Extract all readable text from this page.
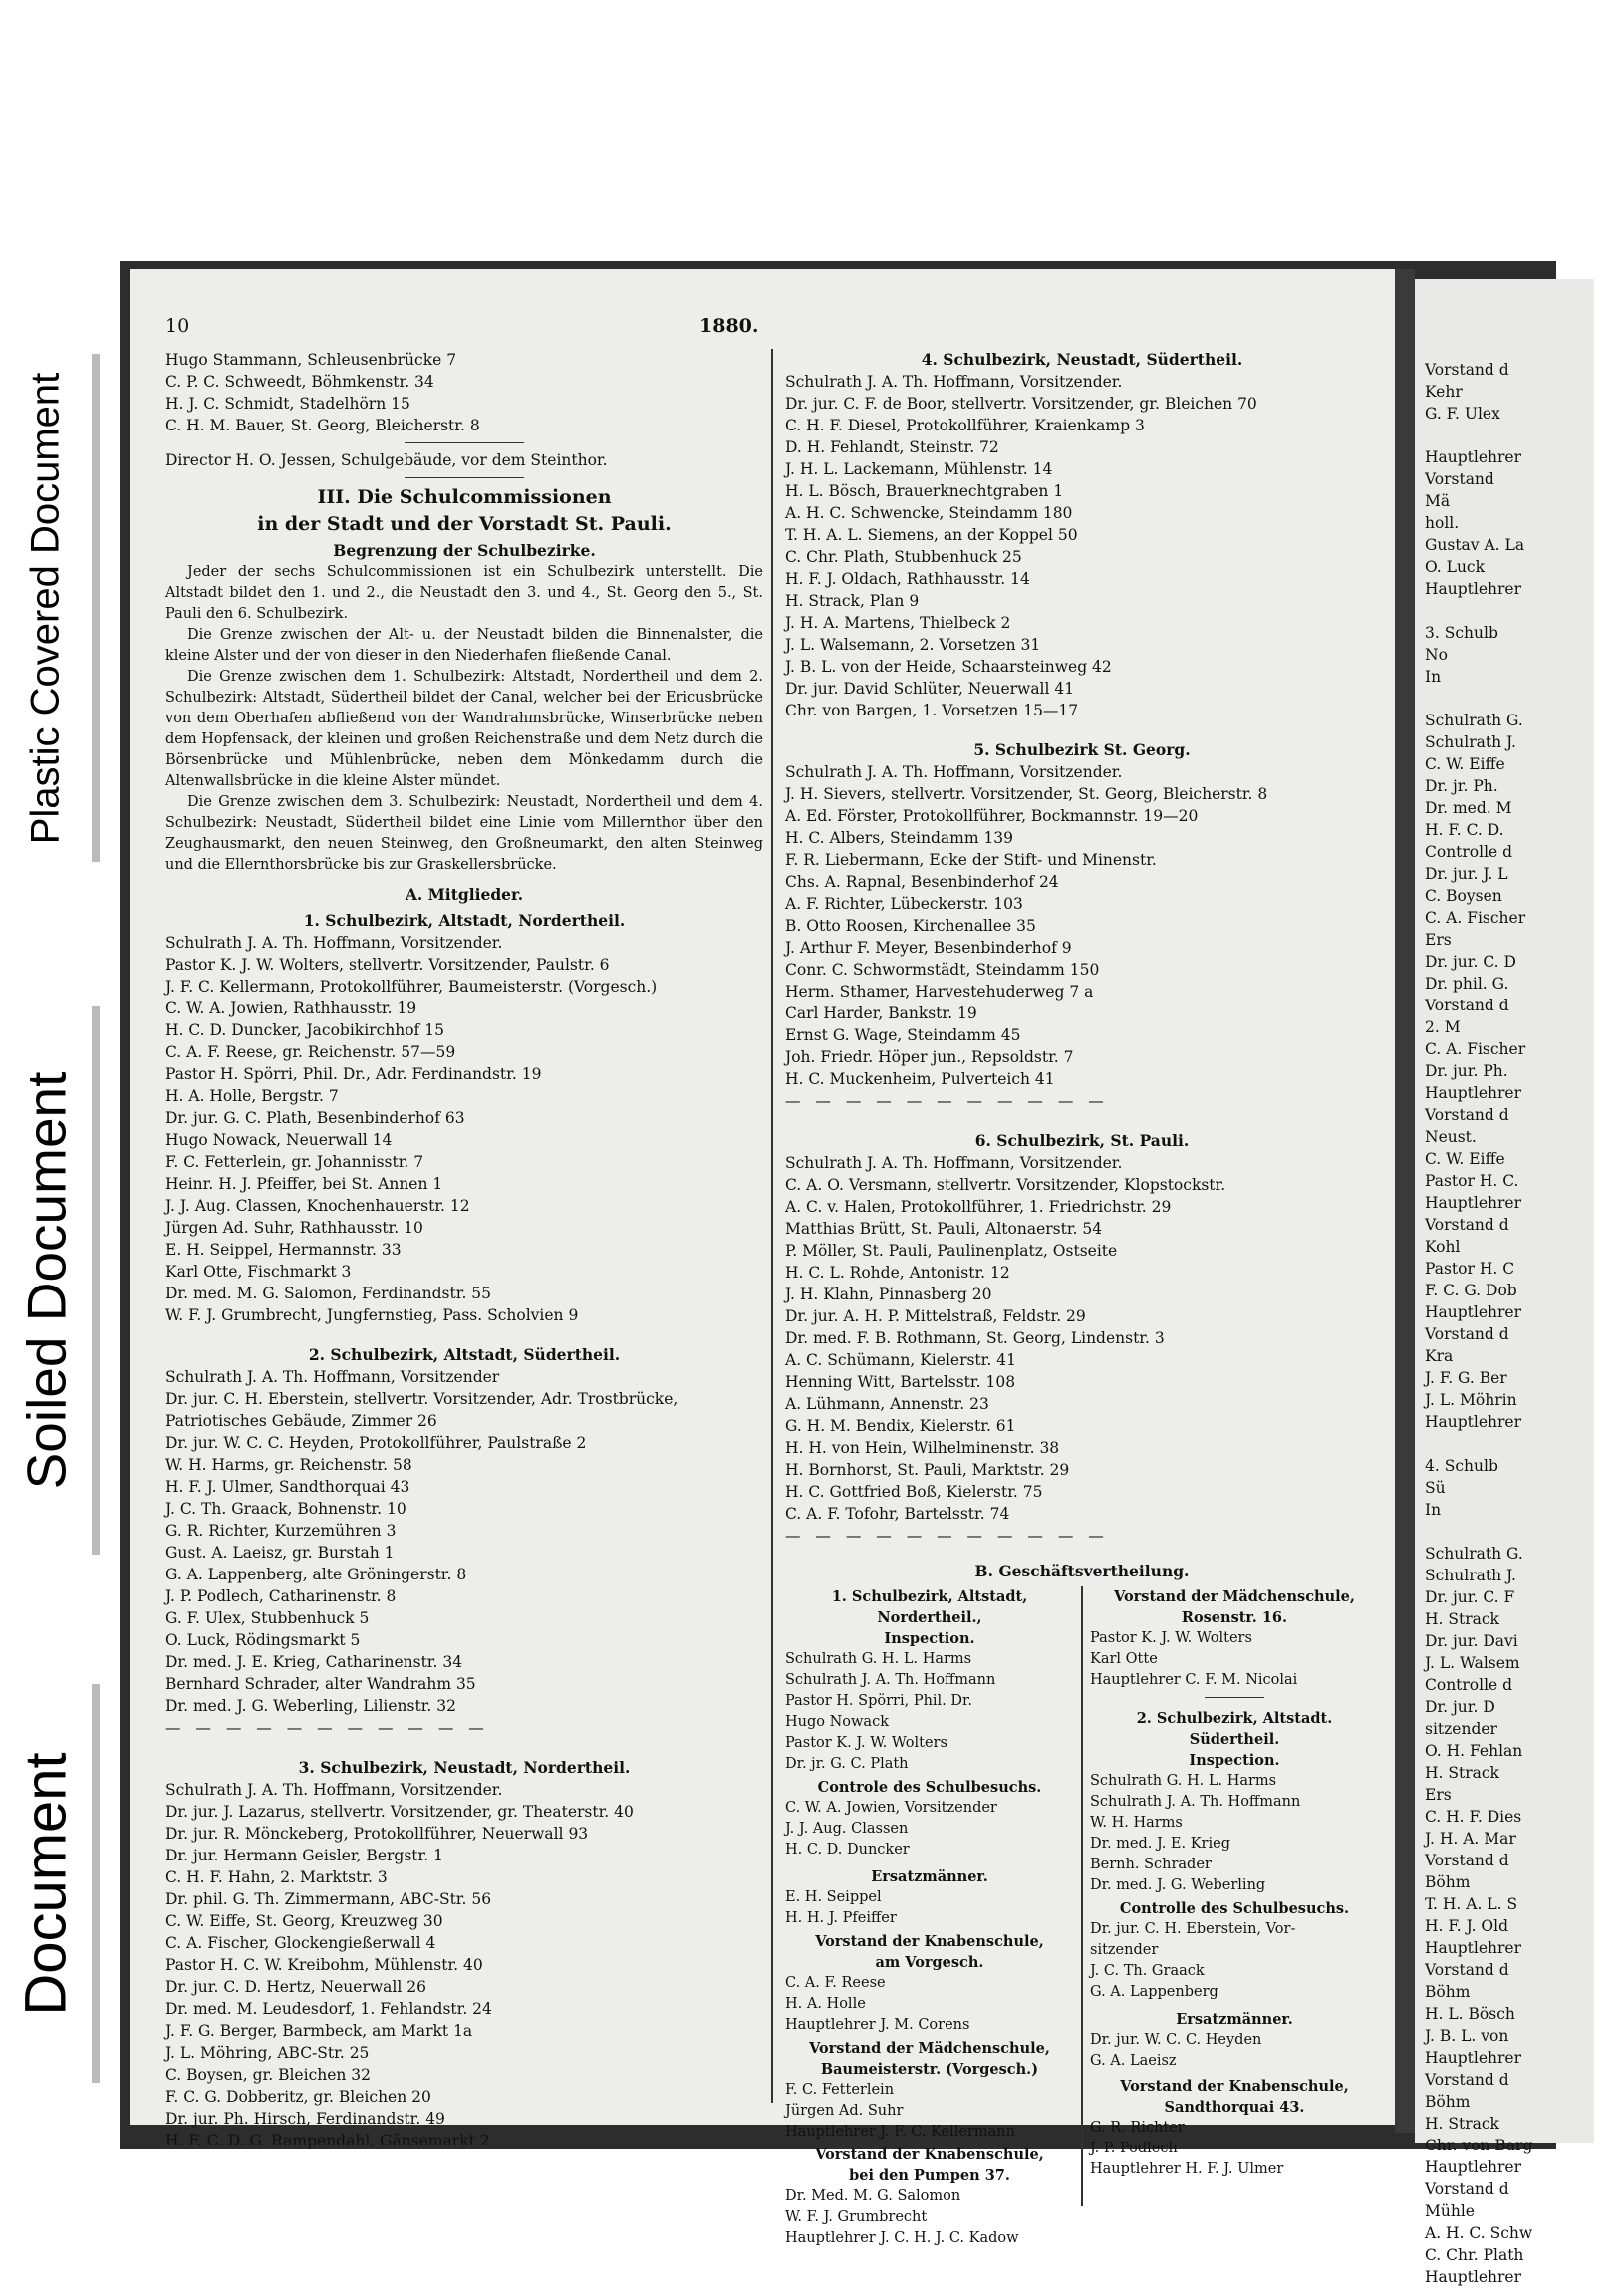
Plastic Covered Document
Soiled Document
Document
10	1880.
Hugo Stammann, Schleusenbrücke 7
C. P. C. Schweedt, Böhmkenstr. 34
H. J. C. Schmidt, Stadelhörn 15
C. H. M. Bauer, St. Georg, Bleicherstr. 8
Director H. O. Jessen, Schulgebäude, vor dem Steinthor.
III. Die Schulcommissionen
in der Stadt und der Vorstadt St. Pauli.
Begrenzung der Schulbezirke.
Jeder der sechs Schulcommissionen ist ein Schulbezirk unterstellt. Die Altstadt bildet den 1. und 2., die Neustadt den 3. und 4., St. Georg den 5., St. Pauli den 6. Schulbezirk.
Die Grenze zwischen der Alt- u. der Neustadt bilden die Binnenalster, die kleine Alster und der von dieser in den Niederhafen fließende Canal.
Die Grenze zwischen dem 1. Schulbezirk: Altstadt, Nordertheil und dem 2. Schulbezirk: Altstadt, Südertheil bildet der Canal, welcher bei der Ericusbrücke von dem Oberhafen abfließend von der Wandrahmsbrücke, Winserbrücke neben dem Hopfensack, der kleinen und großen Reichenstraße und dem Netz durch die Börsenbrücke und Mühlenbrücke, neben dem Mönkedamm durch die Altenwallsbrücke in die kleine Alster mündet.
Die Grenze zwischen dem 3. Schulbezirk: Neustadt, Nordertheil und dem 4. Schulbezirk: Neustadt, Südertheil bildet eine Linie vom Millernthor über den Zeughausmarkt, den neuen Steinweg, den Großneumarkt, den alten Steinweg und die Ellernthorsbrücke bis zur Graskellersbrücke.
A. Mitglieder.
1. Schulbezirk, Altstadt, Nordertheil.
Schulrath J. A. Th. Hoffmann, Vorsitzender.
Pastor K. J. W. Wolters, stellvertr. Vorsitzender, Paulstr. 6
J. F. C. Kellermann, Protokollführer, Baumeisterstr. (Vorgesch.)
C. W. A. Jowien, Rathhausstr. 19
H. C. D. Duncker, Jacobikirchhof 15
C. A. F. Reese, gr. Reichenstr. 57—59
Pastor H. Spörri, Phil. Dr., Adr. Ferdinandstr. 19
H. A. Holle, Bergstr. 7
Dr. jur. G. C. Plath, Besenbinderhof 63
Hugo Nowack, Neuerwall 14
F. C. Fetterlein, gr. Johannisstr. 7
Heinr. H. J. Pfeiffer, bei St. Annen 1
J. J. Aug. Classen, Knochenhauerstr. 12
Jürgen Ad. Suhr, Rathhausstr. 10
E. H. Seippel, Hermannstr. 33
Karl Otte, Fischmarkt 3
Dr. med. M. G. Salomon, Ferdinandstr. 55
W. F. J. Grumbrecht, Jungfernstieg, Pass. Scholvien 9
2. Schulbezirk, Altstadt, Südertheil.
Schulrath J. A. Th. Hoffmann, Vorsitzender
Dr. jur. C. H. Eberstein, stellvertr. Vorsitzender, Adr. Trostbrücke,
Patriotisches Gebäude, Zimmer 26
Dr. jur. W. C. C. Heyden, Protokollführer, Paulstraße 2
W. H. Harms, gr. Reichenstr. 58
H. F. J. Ulmer, Sandthorquai 43
J. C. Th. Graack, Bohnenstr. 10
G. R. Richter, Kurzemühren 3
Gust. A. Laeisz, gr. Burstah 1
G. A. Lappenberg, alte Gröningerstr. 8
J. P. Podlech, Catharinenstr. 8
G. F. Ulex, Stubbenhuck 5
O. Luck, Rödingsmarkt 5
Dr. med. J. E. Krieg, Catharinenstr. 34
Bernhard Schrader, alter Wandrahm 35
Dr. med. J. G. Weberling, Lilienstr. 32
— — — — — — — — — — —
3. Schulbezirk, Neustadt, Nordertheil.
Schulrath J. A. Th. Hoffmann, Vorsitzender.
Dr. jur. J. Lazarus, stellvertr. Vorsitzender, gr. Theaterstr. 40
Dr. jur. R. Mönckeberg, Protokollführer, Neuerwall 93
Dr. jur. Hermann Geisler, Bergstr. 1
C. H. F. Hahn, 2. Marktstr. 3
Dr. phil. G. Th. Zimmermann, ABC-Str. 56
C. W. Eiffe, St. Georg, Kreuzweg 30
C. A. Fischer, Glockengießerwall 4
Pastor H. C. W. Kreibohm, Mühlenstr. 40
Dr. jur. C. D. Hertz, Neuerwall 26
Dr. med. M. Leudesdorf, 1. Fehlandstr. 24
J. F. G. Berger, Barmbeck, am Markt 1a
J. L. Möhring, ABC-Str. 25
C. Boysen, gr. Bleichen 32
F. C. G. Dobberitz, gr. Bleichen 20
Dr. jur. Ph. Hirsch, Ferdinandstr. 49
H. F. C. D. G. Rampendahl, Gänsemarkt 2
4. Schulbezirk, Neustadt, Südertheil.
Schulrath J. A. Th. Hoffmann, Vorsitzender.
Dr. jur. C. F. de Boor, stellvertr. Vorsitzender, gr. Bleichen 70
C. H. F. Diesel, Protokollführer, Kraienkamp 3
D. H. Fehlandt, Steinstr. 72
J. H. L. Lackemann, Mühlenstr. 14
H. L. Bösch, Brauerknechtgraben 1
A. H. C. Schwencke, Steindamm 180
T. H. A. L. Siemens, an der Koppel 50
C. Chr. Plath, Stubbenhuck 25
H. F. J. Oldach, Rathhausstr. 14
H. Strack, Plan 9
J. H. A. Martens, Thielbeck 2
J. L. Walsemann, 2. Vorsetzen 31
J. B. L. von der Heide, Schaarsteinweg 42
Dr. jur. David Schlüter, Neuerwall 41
Chr. von Bargen, 1. Vorsetzen 15—17
5. Schulbezirk St. Georg.
Schulrath J. A. Th. Hoffmann, Vorsitzender.
J. H. Sievers, stellvertr. Vorsitzender, St. Georg, Bleicherstr. 8
A. Ed. Förster, Protokollführer, Bockmannstr. 19—20
H. C. Albers, Steindamm 139
F. R. Liebermann, Ecke der Stift- und Minenstr.
Chs. A. Rapnal, Besenbinderhof 24
A. F. Richter, Lübeckerstr. 103
B. Otto Roosen, Kirchenallee 35
J. Arthur F. Meyer, Besenbinderhof 9
Conr. C. Schwormstädt, Steindamm 150
Herm. Sthamer, Harvestehuderweg 7 a
Carl Harder, Bankstr. 19
Ernst G. Wage, Steindamm 45
Joh. Friedr. Höper jun., Repsoldstr. 7
H. C. Muckenheim, Pulverteich 41
— — — — — — — — — — —
6. Schulbezirk, St. Pauli.
Schulrath J. A. Th. Hoffmann, Vorsitzender.
C. A. O. Versmann, stellvertr. Vorsitzender, Klopstockstr.
A. C. v. Halen, Protokollführer, 1. Friedrichstr. 29
Matthias Brütt, St. Pauli, Altonaerstr. 54
P. Möller, St. Pauli, Paulinenplatz, Ostseite
H. C. L. Rohde, Antonistr. 12
J. H. Klahn, Pinnasberg 20
Dr. jur. A. H. P. Mittelstraß, Feldstr. 29
Dr. med. F. B. Rothmann, St. Georg, Lindenstr. 3
A. C. Schümann, Kielerstr. 41
Henning Witt, Bartelsstr. 108
A. Lühmann, Annenstr. 23
G. H. M. Bendix, Kielerstr. 61
H. H. von Hein, Wilhelminenstr. 38
H. Bornhorst, St. Pauli, Marktstr. 29
H. C. Gottfried Boß, Kielerstr. 75
C. A. F. Tofohr, Bartelsstr. 74
— — — — — — — — — — —
B. Geschäftsvertheilung.
1. Schulbezirk, Altstadt,
Nordertheil.,
Inspection.
Schulrath G. H. L. Harms
Schulrath J. A. Th. Hoffmann
Pastor H. Spörri, Phil. Dr.
Hugo Nowack
Pastor K. J. W. Wolters
Dr. jr. G. C. Plath
Controle des Schulbesuchs.
C. W. A. Jowien, Vorsitzender
J. J. Aug. Classen
H. C. D. Duncker
Ersatzmänner.
E. H. Seippel
H. H. J. Pfeiffer
Vorstand der Knabenschule,
am Vorgesch.
C. A. F. Reese
H. A. Holle
Hauptlehrer J. M. Corens
Vorstand der Mädchenschule,
Baumeisterstr. (Vorgesch.)
F. C. Fetterlein
Jürgen Ad. Suhr
Hauptlehrer J. F. C. Kellermann
Vorstand der Knabenschule,
bei den Pumpen 37.
Dr. Med. M. G. Salomon
W. F. J. Grumbrecht
Hauptlehrer J. C. H. J. C. Kadow
Vorstand der Mädchenschule,
Rosenstr. 16.
Pastor K. J. W. Wolters
Karl Otte
Hauptlehrer C. F. M. Nicolai
2. Schulbezirk, Altstadt.
Südertheil.
Inspection.
Schulrath G. H. L. Harms
Schulrath J. A. Th. Hoffmann
W. H. Harms
Dr. med. J. E. Krieg
Bernh. Schrader
Dr. med. J. G. Weberling
Controlle des Schulbesuchs.
Dr. jur. C. H. Eberstein, Vor-
sitzender
J. C. Th. Graack
G. A. Lappenberg
Ersatzmänner.
Dr. jur. W. C. C. Heyden
G. A. Laeisz
Vorstand der Knabenschule,
Sandthorquai 43.
G. R. Richter
J. P. Podlech
Hauptlehrer H. F. J. Ulmer
Vorstand d
Kehr
G. F. Ulex
Hauptlehrer
Vorstand
Mä
holl.
Gustav A. La
O. Luck
Hauptlehrer
3. Schulb
No
In
Schulrath G.
Schulrath J.
C. W. Eiffe
Dr. jr. Ph.
Dr. med. M
H. F. C. D.
Controlle d
Dr. jur. J. L
C. Boysen
C. A. Fischer
Ers
Dr. jur. C. D
Dr. phil. G.
Vorstand d
2. M
C. A. Fischer
Dr. jur. Ph.
Hauptlehrer
Vorstand d
Neust.
C. W. Eiffe
Pastor H. C.
Hauptlehrer
Vorstand d
Kohl
Pastor H. C
F. C. G. Dob
Hauptlehrer
Vorstand d
Kra
J. F. G. Ber
J. L. Möhrin
Hauptlehrer
4. Schulb
Sü
In
Schulrath G.
Schulrath J.
Dr. jur. C. F
H. Strack
Dr. jur. Davi
J. L. Walsem
Controlle d
Dr. jur. D
sitzender
O. H. Fehlan
H. Strack
Ers
C. H. F. Dies
J. H. A. Mar
Vorstand d
Böhm
T. H. A. L. S
H. F. J. Old
Hauptlehrer
Vorstand d
Böhm
H. L. Bösch
J. B. L. von
Hauptlehrer
Vorstand d
Böhm
H. Strack
Chr. von Barg
Hauptlehrer
Vorstand d
Mühle
A. H. C. Schw
C. Chr. Plath
Hauptlehrer
